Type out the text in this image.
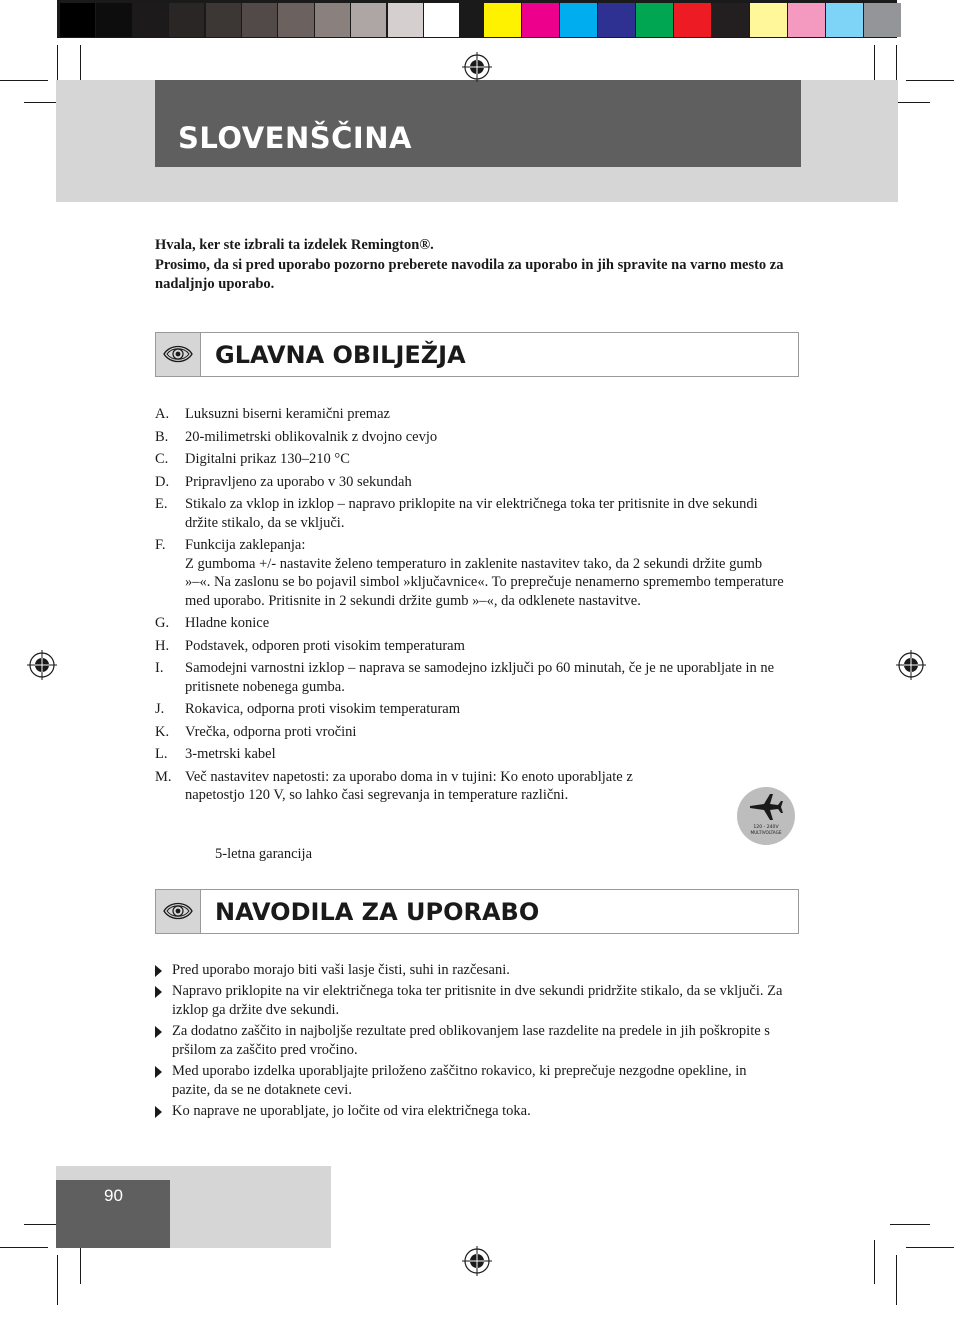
SLOVENŠČINA

Hvala, ker ste izbrali ta izdelek Remington®.

Prosimo, da si pred uporabo pozorno preberete navodila za uporabo in jih spravite na varno mesto za nadaljnjo uporabo.

GLAVNA OBILJEŽJA
A. Luksuzni biserni keramični premaz
B. 20-milimetrski oblikovalnik z dvojno cevjo
C. Digitalni prikaz 130–210 °C
D. Pripravljeno za uporabo v 30 sekundah
E. Stikalo za vklop in izklop – napravo priklopite na vir električnega toka ter pritisnite in dve sekundi držite stikalo, da se vključi.
F. Funkcija zaklepanja:
Z gumboma +/- nastavite želeno temperaturo in zaklenite nastavitev tako, da 2 sekundi držite gumb »–«. Na zaslonu se bo pojavil simbol »ključavnice«. To preprečuje nenamerno spremembo temperature med uporabo. Pritisnite in 2 sekundi držite gumb »–«, da odklenete nastavitve.
G. Hladne konice
H. Podstavek, odporen proti visokim temperaturam
I. Samodejni varnostni izklop – naprava se samodejno izključi po 60 minutah, če je ne uporabljate in ne pritisnete nobenega gumba.
J. Rokavica, odporna proti visokim temperaturam
K. Vrečka, odporna proti vročini
L. 3-metrski kabel
M. Več nastavitev napetosti: za uporabo doma in v tujini: Ko enoto uporabljate z napetostjo 120 V, so lahko časi segrevanja in temperature različni.
120 - 240V
MULTIVOLTAGE
5-letna garancija
NAVODILA ZA UPORABO
Pred uporabo morajo biti vaši lasje čisti, suhi in razčesani.
Napravo priklopite na vir električnega toka ter pritisnite in dve sekundi pridržite stikalo, da se vključi. Za izklop ga držite dve sekundi.
Za dodatno zaščito in najboljše rezultate pred oblikovanjem lase razdelite na predele in jih poškropite s pršilom za zaščito pred vročino.
Med uporabo izdelka uporabljajte priloženo zaščitno rokavico, ki preprečuje nezgodne opekline, in pazite, da se ne dotaknete cevi.
Ko naprave ne uporabljate, jo ločite od vira električnega toka.
90
